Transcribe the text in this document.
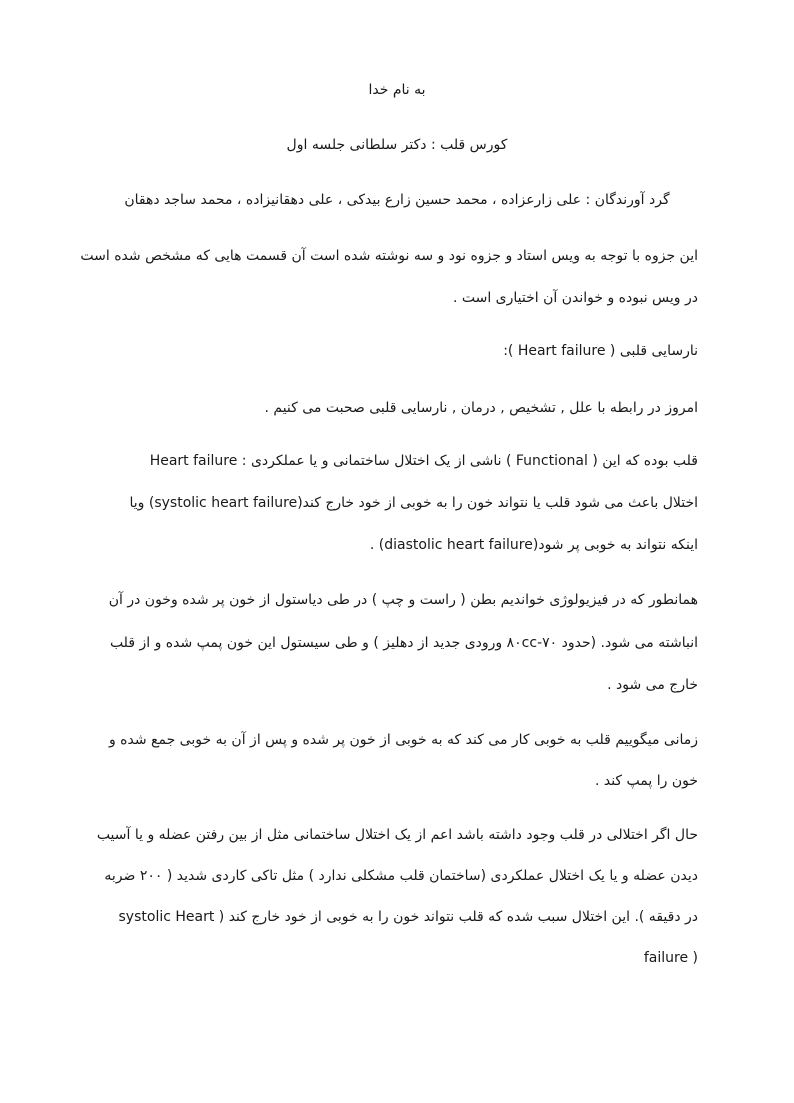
به نام خدا
کورس قلب : دکتر سلطانی جلسه اول
گرد آورندگان : علی زارعزاده ، محمد حسین زارع بیدکی ، علی دهقانیزاده ، محمد ساجد دهقان
این جزوه با توجه به ویس استاد و جزوه نود و سه نوشته شده است آن قسمت هایی که مشخص شده است
در ویس نبوده و خواندن آن اختیاری است .
نارسایی قلبی ( Heart failure ):
امروز در رابطه با علل , تشخیص , درمان , نارسایی قلبی صحبت می کنیم .
Heart failure : ناشی از یک اختلال ساختمانی و یا عملکردی ( Functional ) قلب بوده که این
اختلال باعث می شود قلب یا نتواند خون را به خوبی از خود خارج کند(systolic heart failure) ویا
اینکه نتواند به خوبی پر شود(diastolic heart failure) .
همانطور که در فیزیولوژی خواندیم بطن ( راست و چپ ) در طی دیاستول از خون پر شده وخون در آن
انباشته می شود. (حدود ۷۰-۸۰cc ورودی جدید از دهلیز ) و طی سیستول این خون پمپ شده و از قلب
خارج می شود .
زمانی میگوییم قلب به خوبی کار می کند که به خوبی از خون پر شده و پس از آن به خوبی جمع شده و
خون را پمپ کند .
حال اگر اختلالی در قلب وجود داشته باشد اعم از یک اختلال ساختمانی مثل از بین رفتن عضله و یا آسیب
دیدن عضله و یا یک اختلال عملکردی (ساختمان قلب مشکلی ندارد ) مثل تاکی کاردی شدید ( ۲۰۰ ضربه
در دقیقه ). این اختلال سبب شده که قلب نتواند خون را به خوبی از خود خارج کند ( systolic Heart
failure )
